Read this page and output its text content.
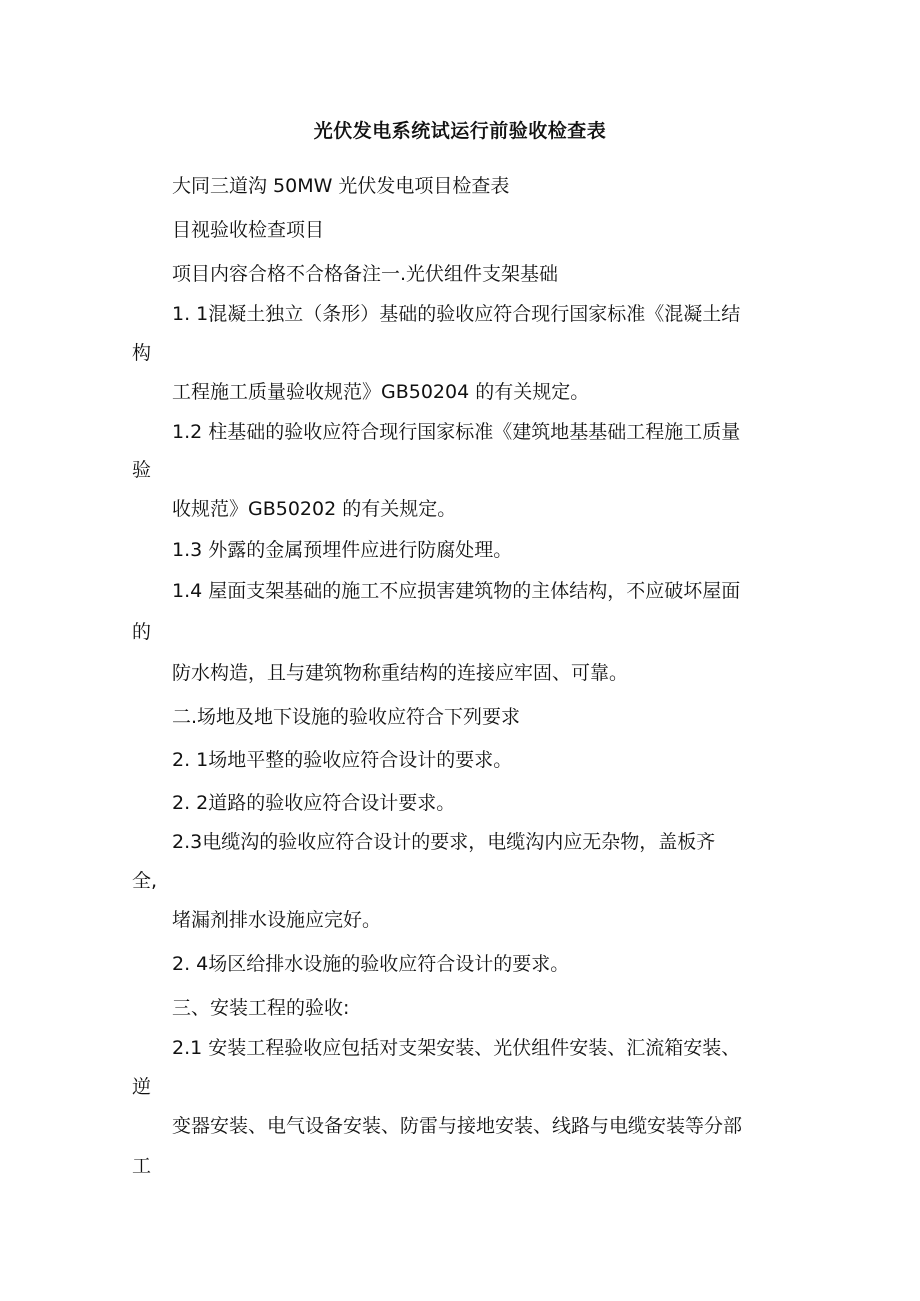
光伏发电系统试运行前验收检查表
大同三道沟 50MW 光伏发电项目检查表
目视验收检查项目
项目内容合格不合格备注一.光伏组件支架基础
1. 1混凝土独立（条形）基础的验收应符合现行国家标准《混凝土结
构
工程施工质量验收规范》GB50204 的有关规定。
1.2 柱基础的验收应符合现行国家标准《建筑地基基础工程施工质量
验
收规范》GB50202 的有关规定。
1.3 外露的金属预埋件应进行防腐处理。
1.4 屋面支架基础的施工不应损害建筑物的主体结构，不应破坏屋面
的
防水构造，且与建筑物称重结构的连接应牢固、可靠。
二.场地及地下设施的验收应符合下列要求
2. 1场地平整的验收应符合设计的要求。
2. 2道路的验收应符合设计要求。
2.3电缆沟的验收应符合设计的要求，电缆沟内应无杂物，盖板齐
全,
堵漏剂排水设施应完好。
2. 4场区给排水设施的验收应符合设计的要求。
三、安装工程的验收:
2.1 安装工程验收应包括对支架安装、光伏组件安装、汇流箱安装、
逆
变器安装、电气设备安装、防雷与接地安装、线路与电缆安装等分部
工
